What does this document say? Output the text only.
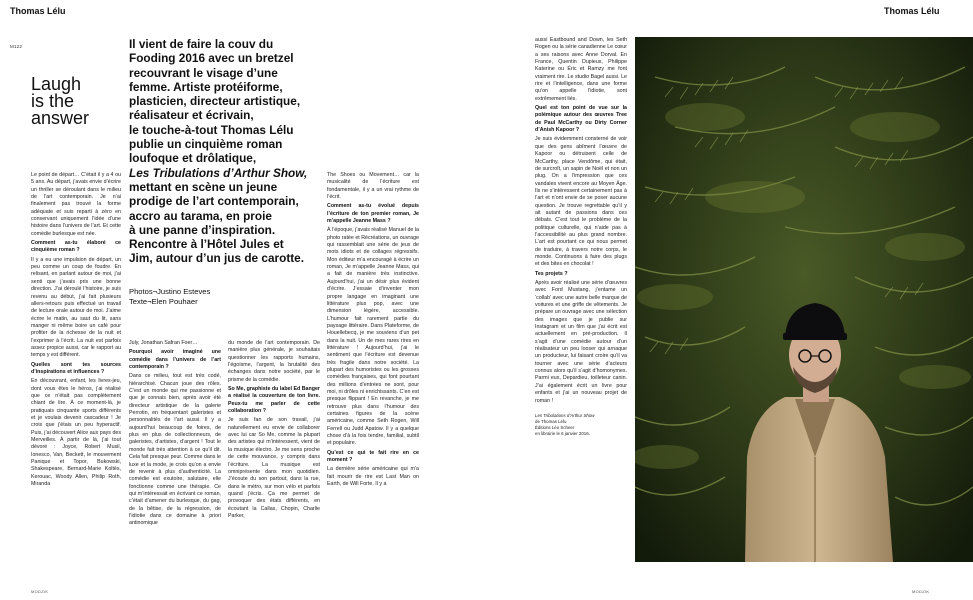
Thomas Lélu	Thomas Lélu
M122
Laugh
is the
answer
Il vient de faire la couv du
Fooding 2016 avec un bretzel
recouvrant le visage d’une
femme. Artiste protéiforme,
plasticien, directeur artistique,
réalisateur et écrivain,
le touche-à-tout Thomas Lélu
publie un cinquième roman
loufoque et drôlatique,
Les Tribulations d’Arthur Show,
mettant en scène un jeune
prodige de l’art contemporain,
accro au tarama, en proie
à une panne d’inspiration.
Rencontre à l’Hôtel Jules et
Jim, autour d’un jus de carotte.
Photos¬Justino Esteves
Texte¬Elen Pouhaer

Le point de départ… C’était il y a 4 ou 5 ans. Au départ, j’avais envie d’écrire un thriller se déroulant dans le milieu de l’art contemporain. Je n’ai finalement pas trouvé la forme adéquate et suis reparti à zéro en conservant uniquement l’idée d’une histoire dans l’univers de l’art. Et cette comédie burlesque est née.

Comment as-tu élaboré ce cinquième roman ?

Il y a eu une impulsion de départ, un peu comme un coup de foudre. En relisant, en parlant autour de moi, j’ai senti que j’avais pris une bonne direction. J’ai déroulé l’histoire, je suis revenu au début, j’ai fait plusieurs allers-retours puis effectué un travail de lecture orale autour de moi. J’aime écrire le matin, au saut du lit, sans manger ni même boire un café pour profiter de la richesse de la nuit et l’exprimer à l’écrit. La nuit est parfois assez propice aussi, car le rapport au temps y est différent.

Quelles sont tes sources d’inspirations et influences ?

En découvrant, enfant, les livres-jeu, dont vous êtes le héros, j’ai réalisé que ce n’était pas complètement chiant de lire. À ce moment-là, je pratiquais cinquante sports différents et je voulais devenir cascadeur ! Je crois que j’étais un peu hyperactif. Puis, j’ai découvert Alice aux pays des Merveilles. À partir de là, j’ai tout dévoré : Joyce, Robert Musil, Ionesco, Van, Beckett, le mouvement Panique et Topor, Bukowski, Shakespeare, Bernard-Marie Koltès, Kerouac, Woody Allen, Philip Roth, Miranda

July, Jonathan Safran Foer…

Pourquoi avoir imaginé une comédie dans l’univers de l’art contemporain ?

Dans ce milieu, tout est très codé, hiérarchisé. Chacun joue des rôles. C’est un monde qui me passionne et que je connais bien, après avoir été directeur artistique de la galerie Perrotin, en fréquentant galeristes et personnalités de l’art aussi. Il y a aujourd’hui beaucoup de foires, de plus en plus de collectionneurs, de galeristes, d’artistes, d’argent ! Tout le monde fait très attention à ce qu’il dit. Cela fait presque peur. Comme dans le luxe et la mode, je crois qu’on a envie de revenir à plus d’authenticité. La comédie est exutoire, salutaire, elle fonctionne comme une thérapie. Ce qui m’intéressait en écrivant ce roman, c’était d’amener du burlesque, du gag, de la bêtise, de la régression, de l’idiotie dans ce domaine à priori antinomique

du monde de l’art contemporain. De manière plus générale, je souhaitais questionner les rapports humains, l’égoïsme, l’argent, la brutalité des échanges dans notre société, par le prisme de la comédie.

So Me, graphiste du label Ed Banger a réalisé la couverture de ton livre. Peux-tu me parler de cette collaboration ?

Je suis fan de son travail, j’ai naturellement eu envie de collaborer avec lui car So Me, comme la plupart des artistes qui m’intéressent, vient de la musique électro. Je me sens proche de cette mouvance, y compris dans l’écriture. La musique est omniprésente dans mon quotidien. J’écoute du son partout, dans la rue, dans le métro, sur mon vélo et parfois quand j’écris. Ça me permet de provoquer des états différents, en écoutant la Callas, Chopin, Charlie Parker,

The Shoes ou Movement… car la musicalité de l’écriture est fondamentale, il y a un vrai rythme de l’écrit.

Comment as-tu évolué depuis l’écriture de ton premier roman, Je m’appelle Jeanne Mass ?

À l’époque, j’avais réalisé Manuel de la photo ratée et Récréations, un ouvrage qui rassemblait une série de jeux de mots idiots et de collages régressifs. Mon éditeur m’a encouragé à écrire un roman, Je m’appelle Jeanne Mass, qui a fait de manière très instinctive. Aujourd’hui, j’ai un désir plus évident d’écrire. J’essaie d’inventer mon propre langage en imaginant une littérature plus pop, avec une dimension légère, accessible. L’humour fait rarement partie du paysage littéraire. Dans Plateforme, de Houellebecq, je me souviens d’un pet dans la nuit. Un de mes rares rires en littérature ! Aujourd’hui, j’ai le sentiment que l’écriture est devenue très fragile dans notre société. La plupart des humoristes ou les grosses comédies françaises, qui font pourtant des millions d’entrées ne sont, pour moi, ni drôles ni enrichissants. C’en est presque flippant ! En revanche, je me retrouve plus dans l’humour des certaines figures de la scène américaine, comme Seth Rogen, Will Ferrell ou Judd Apatow. Il y a quelque chose d’à la fois tendre, familial, subtil et populaire.

Qu’est ce qui te fait rire en ce moment ?

La dernière série américaine qui m’a fait mourir de rire est Last Man on Earth, de Will Forte. Il y a

aussi Eastbound and Down, les Seth Rogen ou la série canadienne Le cœur a ses raisons avec Anne Dorval. En France, Quentin Dupieux, Philippe Katerine ou Éric et Ramzy me font vraiment rire. Le studio Bagel aussi. Le rire et l’intelligence, dans une forme qu’on appelle l’idiotie, sont extrêmement liés.

Quel est ton point de vue sur la polémique autour des œuvres Tree de Paul McCarthy ou Dirty Corner d’Anish Kapoor ?

Je suis évidemment consterné de voir que des gens abîment l’œuvre de Kapoor ou détruisent celle de McCarthy, place Vendôme, qui était, de surcroît, un sapin de Noël et non un plug. On a l’impression que ces vandales vivent encore au Moyen Âge. Ils ne s’intéressent certainement pas à l’art et n’ont envie de se poser aucune question. Je trouve regrettable qu’il y ait autant de passions dans ces débats. C’est tout le problème de la politique culturelle, qui n’aide pas à l’accessibilité au plus grand nombre. L’art est pourtant ce qui nous permet de traduire, à travers notre corps, le monde. Continuons à faire des plugs et des bites en chocolat !

Tes projets ?

Après avoir réalisé une série d’œuvres avec Ford Mustang, j’entame un ‘collab’ avec une autre belle marque de voitures et une griffe de vêtements. Je prépare un ouvrage avec une sélection des images que je publie sur Instagram et un film que j’ai écrit est actuellement en pré-production. Il s’agit d’une comédie autour d’un réalisateur un peu looser qui arnaque un producteur, lui faisant croire qu’il va tourner avec une série d’acteurs connus alors qu’il s’agit d’homonymes. Parmi eux, Depardieu, toilleteur canin. J’ai également écrit un livre pour enfants et j’ai un nouveau projet de roman !

Les Tribulations d’Arthur Show
de Thomas Lélu
Éditions Léo Scheer
en librairie le 6 janvier 2016.
MODZIK	MODZIK
